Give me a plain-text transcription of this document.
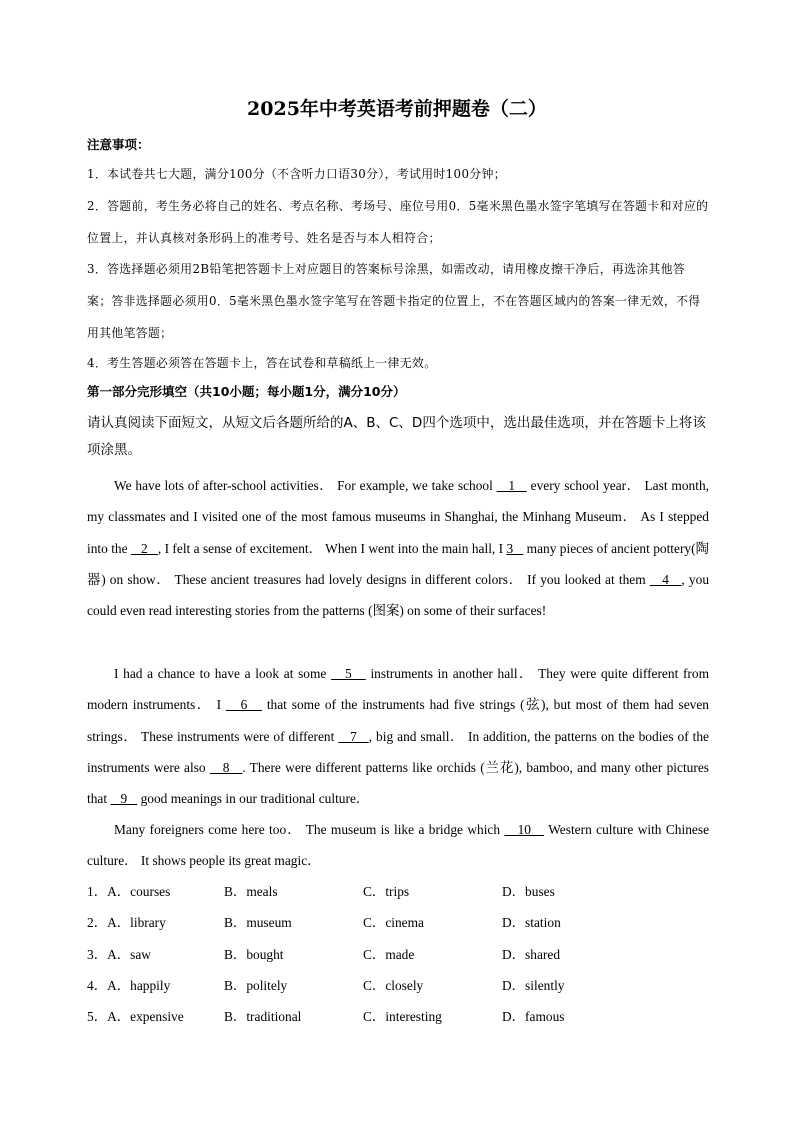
2025年中考英语考前押题卷（二）
注意事项：
1．本试卷共七大题，满分100分（不含听力口语30分），考试用时100分钟；
2．答题前，考生务必将自己的姓名、考点名称、考场号、座位号用0．5毫米黑色墨水签字笔填写在答题卡和对应的位置上，并认真核对条形码上的准考号、姓名是否与本人相符合；
3．答选择题必须用2B铅笔把答题卡上对应题目的答案标号涂黑，如需改动，请用橡皮擦干净后，再选涂其他答案；答非选择题必须用0．5毫米黑色墨水签字笔写在答题卡指定的位置上，不在答题区域内的答案一律无效，不得用其他笔答题；
4．考生答题必须答在答题卡上，答在试卷和草稿纸上一律无效。
第一部分完形填空（共10小题；每小题1分，满分10分）
请认真阅读下面短文，从短文后各题所给的A、B、C、D四个选项中，选出最佳选项，并在答题卡上将该项涂黑。

We have lots of after-school activities． For example, we take school    1    every school year． Last month, my classmates and I visited one of the most famous museums in Shanghai, the Minhang Museum． As I stepped into the    2   , I felt a sense of excitement． When I went into the main hall, I 3    many pieces of ancient pottery(陶器) on show． These ancient treasures had lovely designs in different colors． If you looked at them    4   , you could even read interesting stories from the patterns (图案) on some of their surfaces!

I had a chance to have a look at some    5    instruments in another hall． They were quite different from modern instruments． I    6    that some of the instruments had five strings (弦), but most of them had seven strings． These instruments were of different    7   , big and small． In addition, the patterns on the bodies of the instruments were also    8   . There were different patterns like orchids (兰花), bamboo, and many other pictures that    9    good meanings in our traditional culture．

Many foreigners come here too． The museum is like a bridge which    10    Western culture with Chinese culture． It shows people its great magic．

1．A．courses	B．meals	C．trips	D．buses
2．A．library	B．museum	C．cinema	D．station
3．A．saw	B．bought	C．made	D．shared
4．A．happily	B．politely	C．closely	D．silently
5．A．expensive	B．traditional	C．interesting	D．famous
